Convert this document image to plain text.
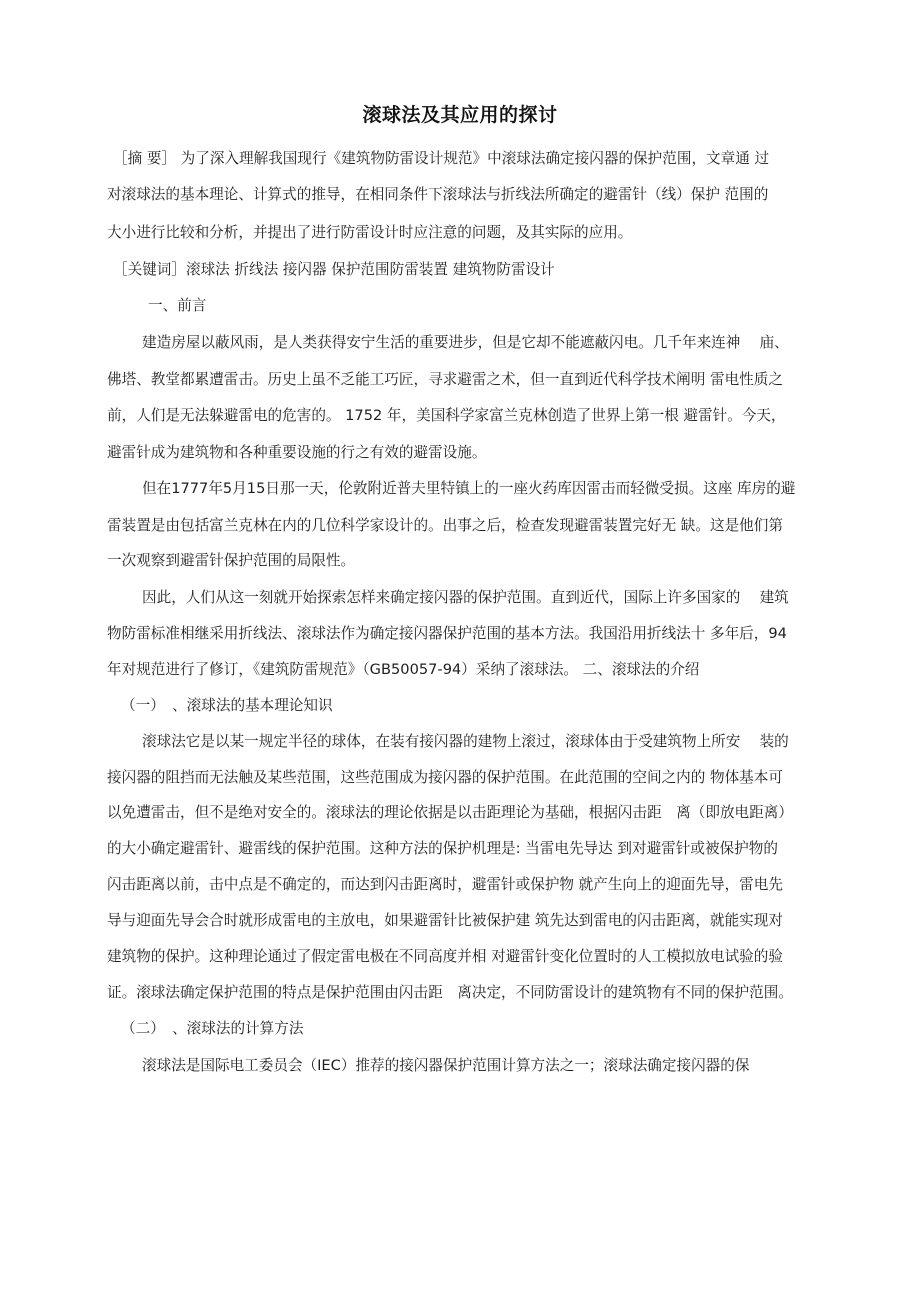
滚球法及其应用的探讨
［摘 要］ 为了深入理解我国现行《建筑物防雷设计规范》中滚球法确定接闪器的保护范围，文章通 过
对滚球法的基本理论、计算式的推导，在相同条件下滚球法与折线法所确定的避雷针（线）保护 范围的
大小进行比较和分析，并提出了进行防雷设计时应注意的问题，及其实际的应用。
［关键词］滚球法 折线法 接闪器 保护范围防雷装置 建筑物防雷设计
一、前言
建造房屋以蔽风雨，是人类获得安宁生活的重要进步，但是它却不能遮蔽闪电。几千年来连神　 庙、
佛塔、教堂都累遭雷击。历史上虽不乏能工巧匠，寻求避雷之术，但一直到近代科学技术阐明 雷电性质之
前，人们是无法躲避雷电的危害的。 1752 年，美国科学家富兰克林创造了世界上第一根 避雷针。今天，
避雷针成为建筑物和各种重要设施的行之有效的避雷设施。
但在1777年5月15日那一天，伦敦附近普夫里特镇上的一座火药库因雷击而轻微受损。这座 库房的避
雷装置是由包括富兰克林在内的几位科学家设计的。出事之后，检查发现避雷装置完好无 缺。这是他们第
一次观察到避雷针保护范围的局限性。
因此，人们从这一刻就开始探索怎样来确定接闪器的保护范围。直到近代，国际上许多国家的　 建筑
物防雷标准相继采用折线法、滚球法作为确定接闪器保护范围的基本方法。我国沿用折线法十 多年后，94
年对规范进行了修订，《建筑防雷规范》（GB50057-94）采纳了滚球法。 二、滚球法的介绍
（一）　、滚球法的基本理论知识
滚球法它是以某一规定半径的球体，在装有接闪器的建物上滚过，滚球体由于受建筑物上所安　 装的
接闪器的阻挡而无法触及某些范围，这些范围成为接闪器的保护范围。在此范围的空间之内的 物体基本可
以免遭雷击，但不是绝对安全的。滚球法的理论依据是以击距理论为基础，根据闪击距　离（即放电距离）
的大小确定避雷针、避雷线的保护范围。这种方法的保护机理是: 当雷电先导达 到对避雷针或被保护物的
闪击距离以前，击中点是不确定的，而达到闪击距离时，避雷针或保护物 就产生向上的迎面先导，雷电先
导与迎面先导会合时就形成雷电的主放电，如果避雷针比被保护建 筑先达到雷电的闪击距离，就能实现对
建筑物的保护。这种理论通过了假定雷电极在不同高度并相 对避雷针变化位置时的人工模拟放电试验的验
证。滚球法确定保护范围的特点是保护范围由闪击距　离决定，不同防雷设计的建筑物有不同的保护范围。
（二）　、滚球法的计算方法
滚球法是国际电工委员会（IEC）推荐的接闪器保护范围计算方法之一；滚球法确定接闪器的保
